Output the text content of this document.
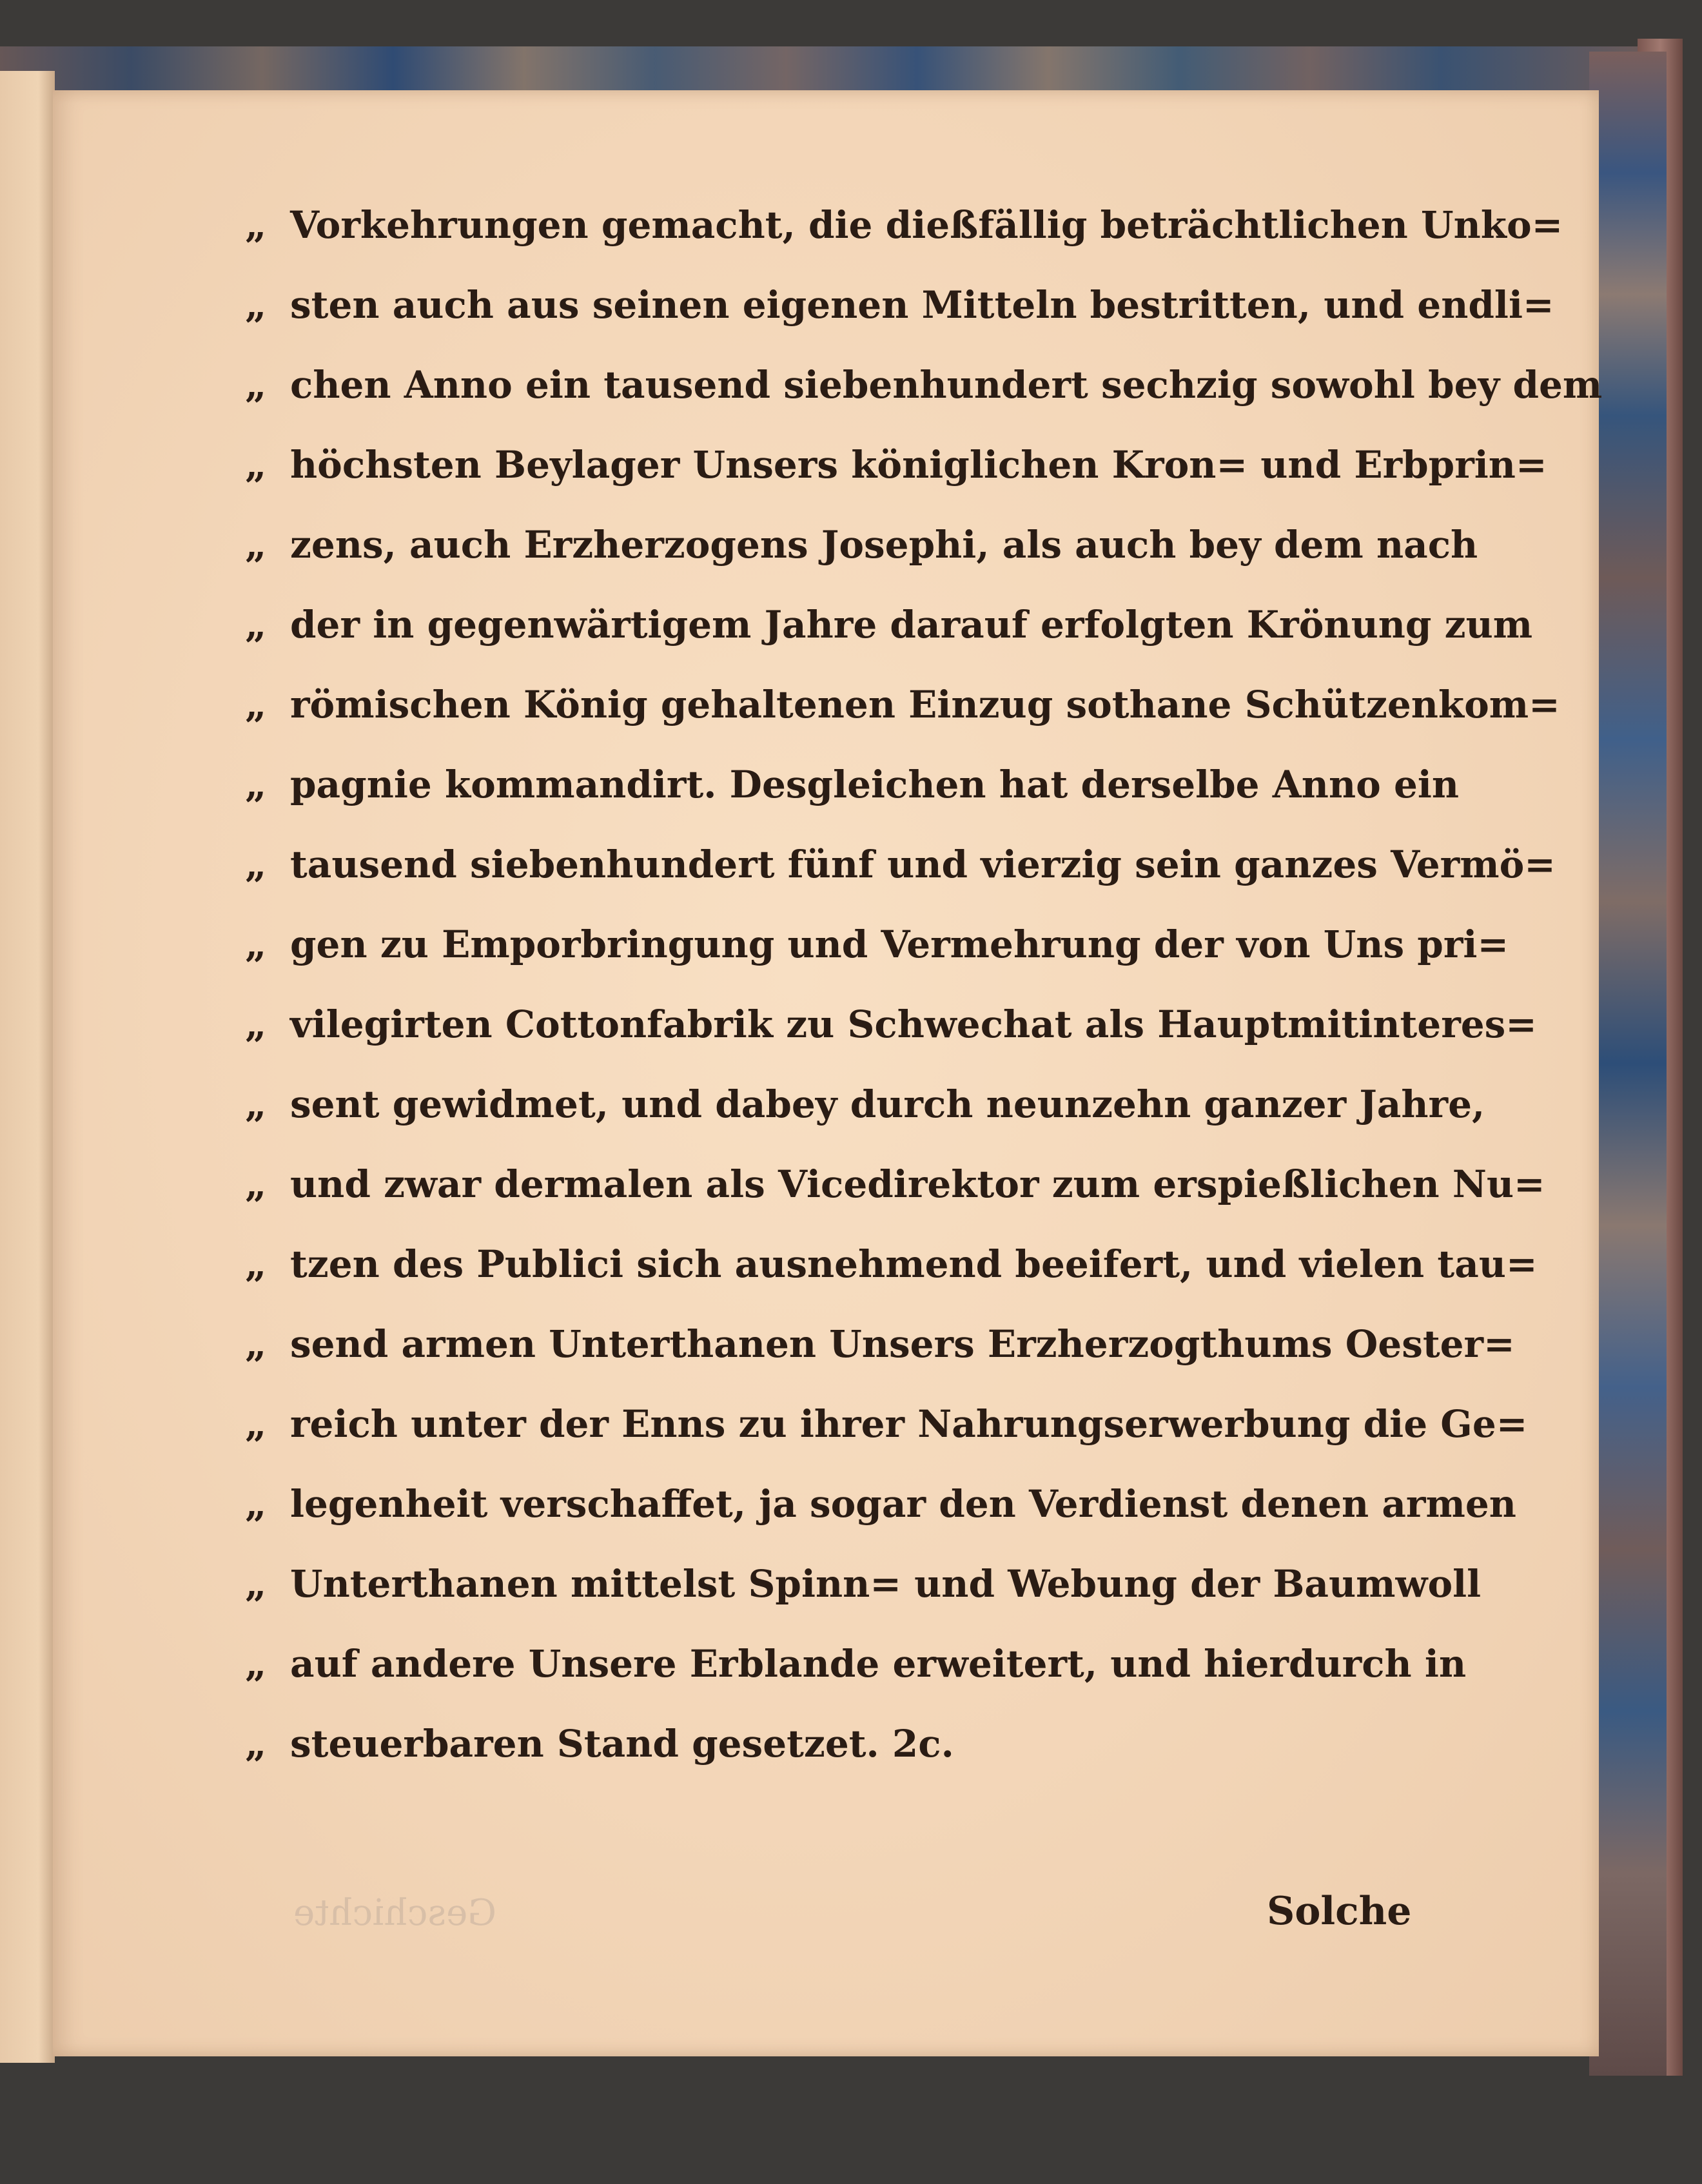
„ Vorkehrungen gemacht, die dießfällig beträchtlichen Unko=
„ sten auch aus seinen eigenen Mitteln bestritten, und endli=
„ chen Anno ein tausend siebenhundert sechzig sowohl bey dem
„ höchsten Beylager Unsers königlichen Kron= und Erbprin=
„ zens, auch Erzherzogens Josephi, als auch bey dem nach
„ der in gegenwärtigem Jahre darauf erfolgten Krönung zum
„ römischen König gehaltenen Einzug sothane Schützenkom=
„ pagnie kommandirt. Desgleichen hat derselbe Anno ein
„ tausend siebenhundert fünf und vierzig sein ganzes Vermö=
„ gen zu Emporbringung und Vermehrung der von Uns pri=
„ vilegirten Cottonfabrik zu Schwechat als Hauptmitinteres=
„ sent gewidmet, und dabey durch neunzehn ganzer Jahre,
„ und zwar dermalen als Vicedirektor zum erspießlichen Nu=
„ tzen des Publici sich ausnehmend beeifert, und vielen tau=
„ send armen Unterthanen Unsers Erzherzogthums Oester=
„ reich unter der Enns zu ihrer Nahrungserwerbung die Ge=
„ legenheit verschaffet, ja sogar den Verdienst denen armen
„ Unterthanen mittelst Spinn= und Webung der Baumwoll
„ auf andere Unsere Erblande erweitert, und hierdurch in
„ steuerbaren Stand gesetzet. 2c.
Geschichte	Solche
